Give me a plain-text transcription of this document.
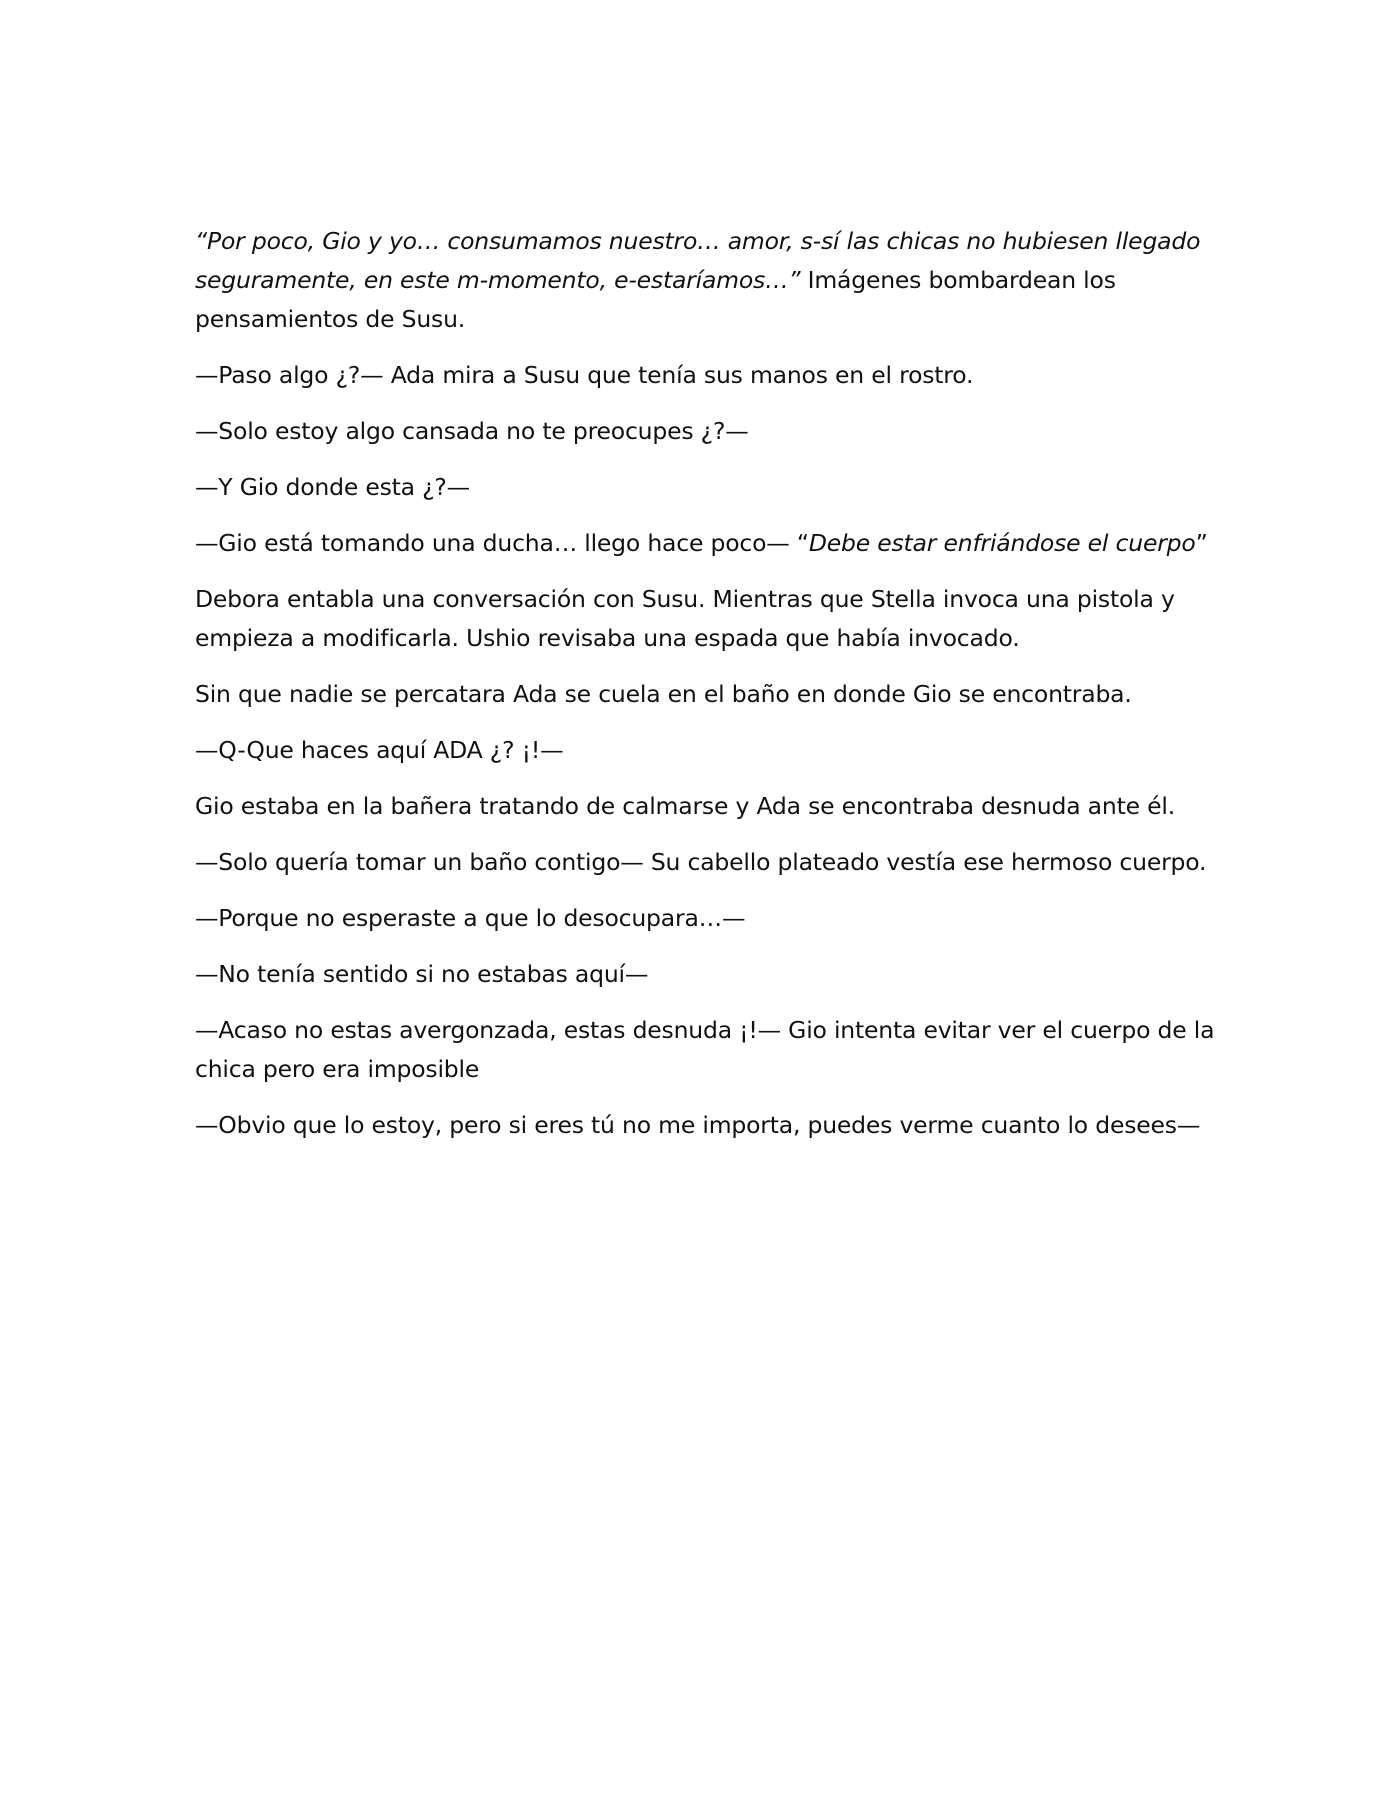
“Por poco, Gio y yo… consumamos nuestro… amor, s-sí las chicas no hubiesen llegado seguramente, en este m-momento, e-estaríamos…” Imágenes bombardean los pensamientos de Susu.

—Paso algo ¿?— Ada mira a Susu que tenía sus manos en el rostro.

—Solo estoy algo cansada no te preocupes ¿?—

—Y Gio donde esta ¿?—

—Gio está tomando una ducha… llego hace poco— “Debe estar enfriándose el cuerpo”

Debora entabla una conversación con Susu. Mientras que Stella invoca una pistola y empieza a modificarla. Ushio revisaba una espada que había invocado.

Sin que nadie se percatara Ada se cuela en el baño en donde Gio se encontraba.

—Q-Que haces aquí ADA ¿? ¡!—

Gio estaba en la bañera tratando de calmarse y Ada se encontraba desnuda ante él.

—Solo quería tomar un baño contigo— Su cabello plateado vestía ese hermoso cuerpo.

—Porque no esperaste a que lo desocupara…—

—No tenía sentido si no estabas aquí—

—Acaso no estas avergonzada, estas desnuda ¡!— Gio intenta evitar ver el cuerpo de la chica pero era imposible

—Obvio que lo estoy, pero si eres tú no me importa, puedes verme cuanto lo desees—
